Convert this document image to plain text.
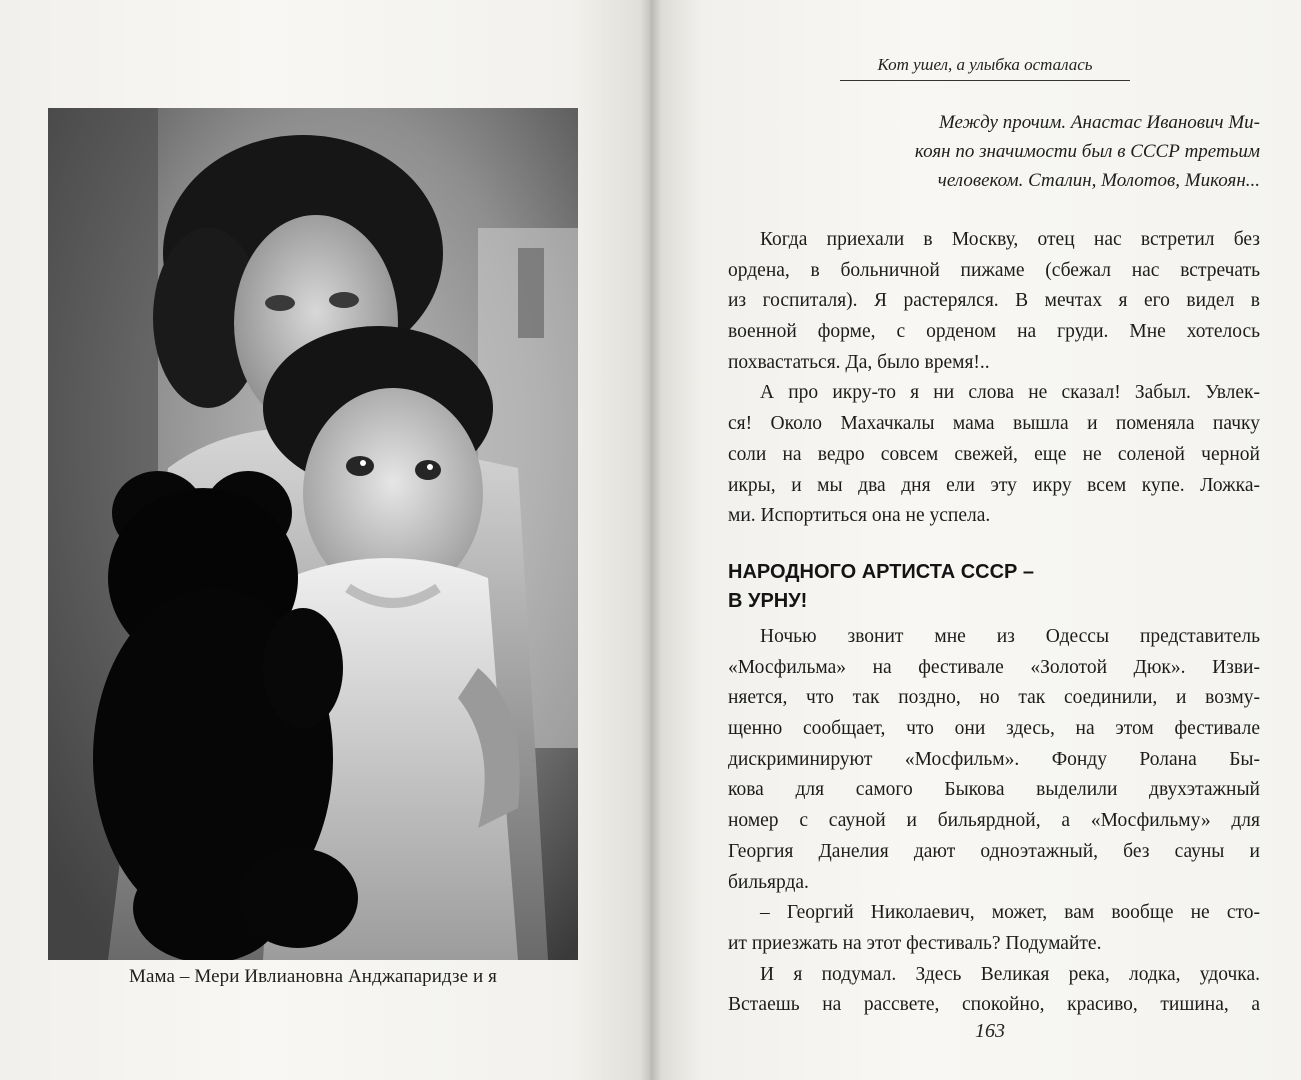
Мама – Мери Ивлиановна Анджапаридзе и я
Кот ушел, а улыбка осталась
Между прочим. Анастас Иванович Ми-
коян по значимости был в СССР третьим
человеком. Сталин, Молотов, Микоян...
Когда приехали в Москву, отец нас встретил без
ордена, в больничной пижаме (сбежал нас встречать
из госпиталя). Я растерялся. В мечтах я его видел в
военной форме, с орденом на груди. Мне хотелось
похвастаться. Да, было время!..
А про икру-то я ни слова не сказал! Забыл. Увлек-
ся! Около Махачкалы мама вышла и поменяла пачку
соли на ведро совсем свежей, еще не соленой черной
икры, и мы два дня ели эту икру всем купе. Ложка-
ми. Испортиться она не успела.
НАРОДНОГО АРТИСТА СССР –
В УРНУ!
Ночью звонит мне из Одессы представитель
«Мосфильма» на фестивале «Золотой Дюк». Изви-
няется, что так поздно, но так соединили, и возму-
щенно сообщает, что они здесь, на этом фестивале
дискриминируют «Мосфильм». Фонду Ролана Бы-
кова для самого Быкова выделили двухэтажный
номер с сауной и бильярдной, а «Мосфильму» для
Георгия Данелия дают одноэтажный, без сауны и
бильярда.
– Георгий Николаевич, может, вам вообще не сто-
ит приезжать на этот фестиваль? Подумайте.
И я подумал. Здесь Великая река, лодка, удочка.
Встаешь на рассвете, спокойно, красиво, тишина, а
163
